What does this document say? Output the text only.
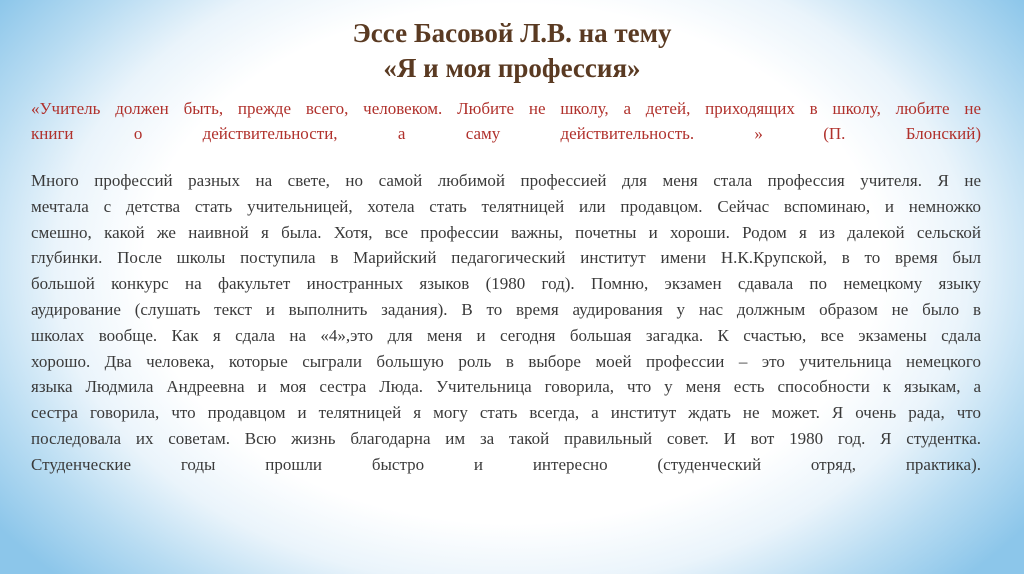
Эссе Басовой Л.В. на тему
«Я и моя профессия»
«Учитель должен быть, прежде всего, человеком. Любите не школу, а детей, приходящих в школу, любите не
книги о действительности, а саму действительность. » (П. Блонский)
Много профессий разных на свете, но самой любимой профессией для меня стала профессия учителя. Я не
мечтала с детства стать учительницей, хотела стать телятницей или продавцом. Сейчас вспоминаю, и немножко
смешно, какой же наивной я была. Хотя, все профессии важны, почетны и хороши. Родом я из далекой сельской
глубинки. После школы поступила в Марийский педагогический институт имени Н.К.Крупской, в то время был
большой конкурс на факультет иностранных языков (1980 год). Помню, экзамен сдавала по немецкому языку
аудирование (слушать текст и выполнить задания). В то время аудирования у нас должным образом не было в
школах вообще. Как я сдала на «4»,это для меня и сегодня большая загадка. К счастью, все экзамены сдала
хорошо. Два человека, которые сыграли большую роль в выборе моей профессии – это учительница немецкого
языка Людмила Андреевна и моя сестра Люда. Учительница говорила, что у меня есть способности к языкам, а
сестра говорила, что продавцом и телятницей я могу стать всегда, а институт ждать не может. Я очень рада, что
последовала их советам. Всю жизнь благодарна им за такой правильный совет. И вот 1980 год. Я студентка.
Студенческие годы прошли быстро и интересно (студенческий отряд, практика).
